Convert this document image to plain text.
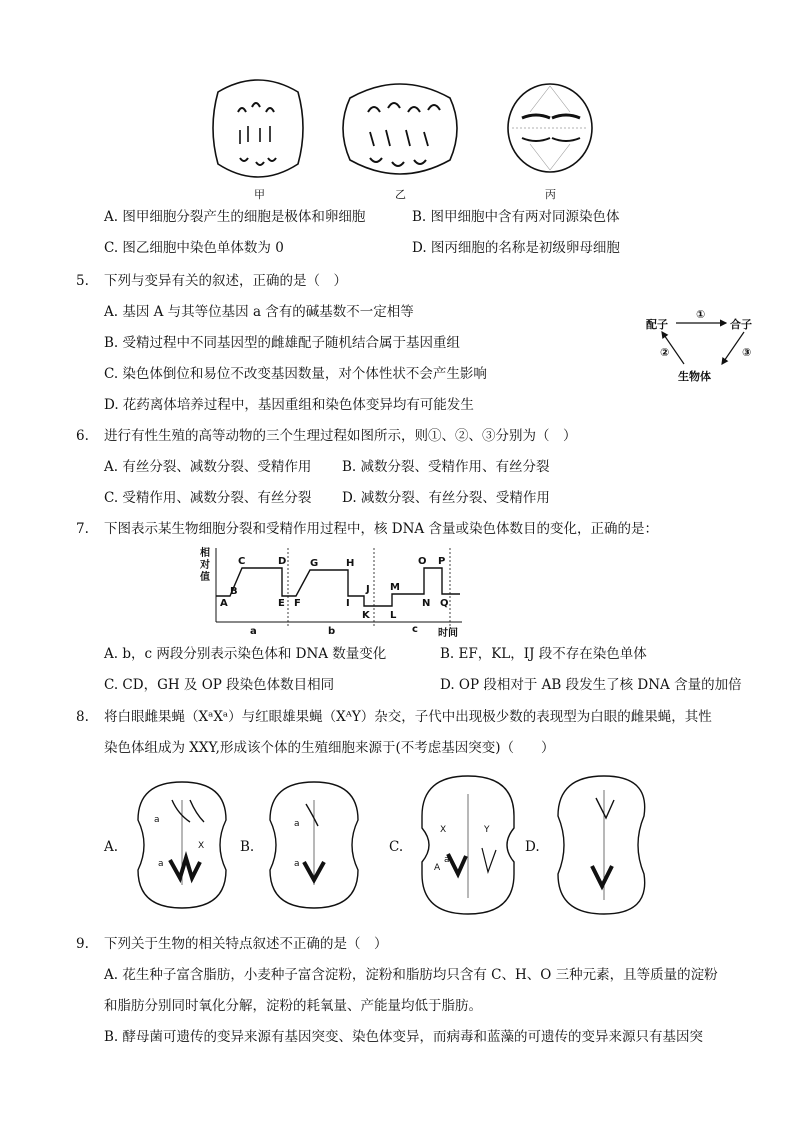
甲	乙	丙
A. 图甲细胞分裂产生的细胞是极体和卵细胞	B. 图甲细胞中含有两对同源染色体
C. 图乙细胞中染色单体数为 0	D. 图丙细胞的名称是初级卵母细胞
5. 下列与变异有关的叙述，正确的是（　）
A. 基因 A 与其等位基因 a 含有的碱基数不一定相等
B. 受精过程中不同基因型的雌雄配子随机结合属于基因重组
C. 染色体倒位和易位不改变基因数量，对个体性状不会产生影响
D. 花药离体培养过程中，基因重组和染色体变异均有可能发生
配子	合子
生物体
①
②	③
6. 进行有性生殖的高等动物的三个生理过程如图所示，则①、②、③分别为（　）
A. 有丝分裂、减数分裂、受精作用 B. 减数分裂、受精作用、有丝分裂
C. 受精作用、减数分裂、有丝分裂 D. 减数分裂、有丝分裂、受精作用
7. 下图表示某生物细胞分裂和受精作用过程中，核 DNA 含量或染色体数目的变化，正确的是：
相
对
值
A
B
C	D
E F
G	H
I
J
K L
M
N
O P
Q
a	b	c 时间
A. b，c 两段分别表示染色体和 DNA 数量变化	B. EF，KL，IJ 段不存在染色单体
C. CD，GH 及 OP 段染色体数目相同	D. OP 段相对于 AB 段发生了核 DNA 含量的加倍
8. 将白眼雌果蝇（XᵃXᵃ）与红眼雄果蝇（XᴬY）杂交，子代中出现极少数的表现型为白眼的雌果蝇，其性
染色体组成为 XXY,形成该个体的生殖细胞来源于(不考虑基因突变)（　　）
A.	B.	C.	D.
a
a
a
a	A
a
X	Y
X
9. 下列关于生物的相关特点叙述不正确的是（　）
A. 花生种子富含脂肪，小麦种子富含淀粉，淀粉和脂肪均只含有 C、H、O 三种元素，且等质量的淀粉
和脂肪分别同时氧化分解，淀粉的耗氧量、产能量均低于脂肪。
B. 酵母菌可遗传的变异来源有基因突变、染色体变异，而病毒和蓝藻的可遗传的变异来源只有基因突
